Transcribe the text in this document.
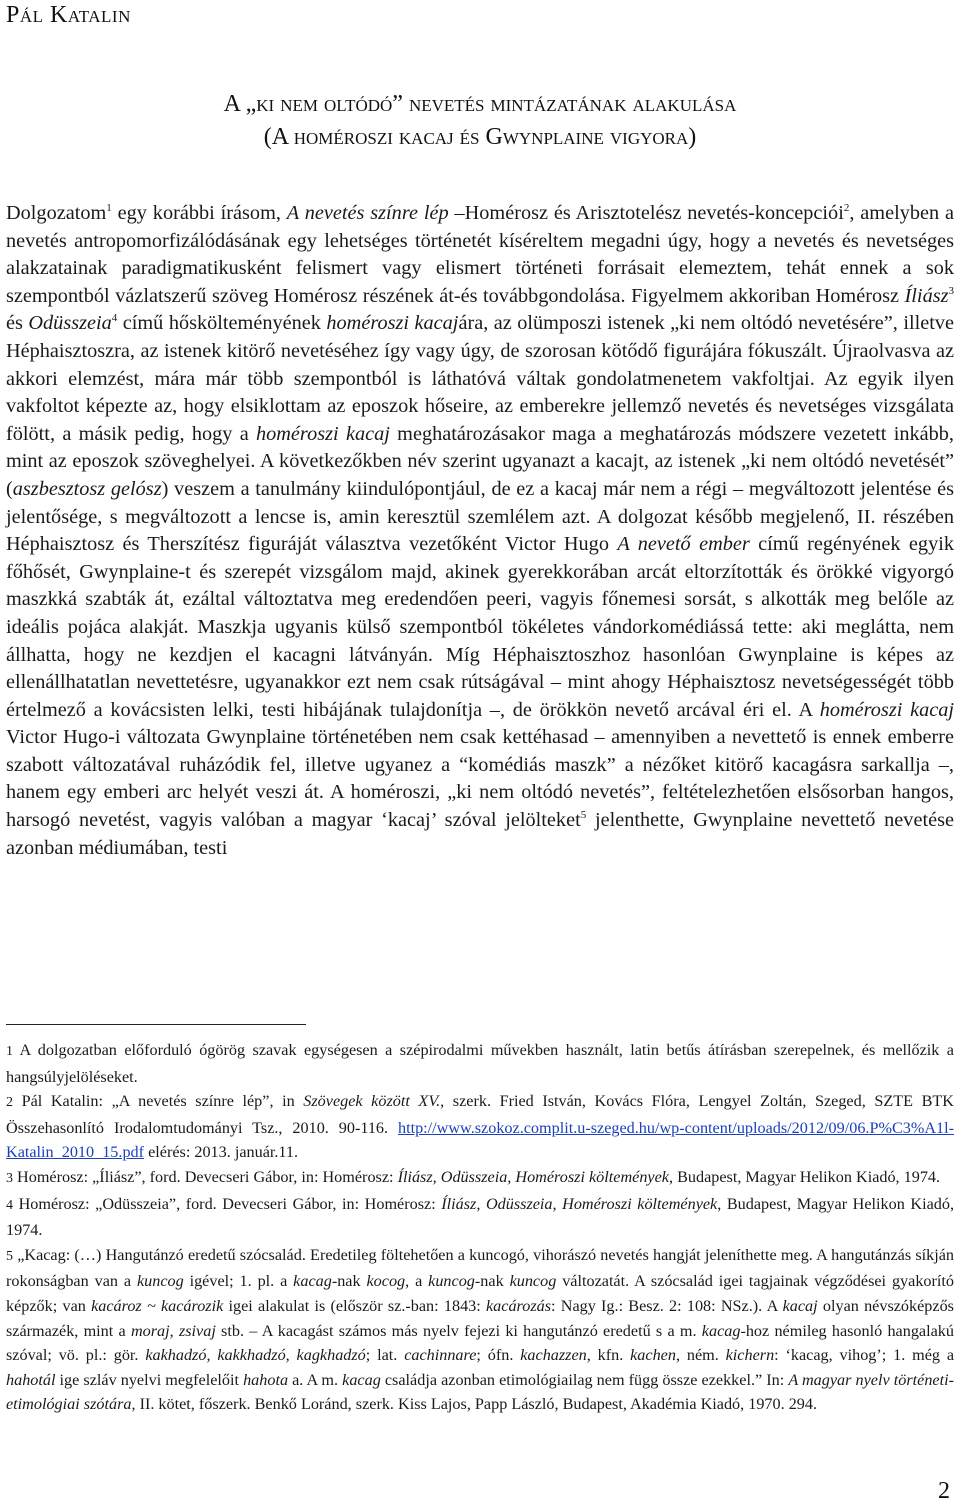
Pál Katalin
A „ki nem oltódó” nevetés mintázatának alakulása
(A homéroszi kacaj és Gwynplaine vigyora)

Dolgozatom$^1$ egy korábbi írásom, A nevetés színre lép –Homérosz és Arisztotelész nevetés-koncepciói$^2$, amelyben a nevetés antropomorfizálódásának egy lehetséges történetét kíséreltem megadni úgy, hogy a nevetés és nevetséges alakzatainak paradigmatikusként felismert vagy elismert történeti forrásait elemeztem, tehát ennek a sok szempontból vázlatszerű szöveg Homérosz részének át-és továbbgondolása. Figyelmem akkoriban Homérosz Íliász$^3$ és Odüsszeia$^4$ című hőskölteményének homéroszi kacajára, az olümposzi istenek „ki nem oltódó nevetésére”, illetve Héphaisztoszra, az istenek kitörő nevetéséhez így vagy úgy, de szorosan kötődő figurájára fókuszált. Újraolvasva az akkori elemzést, mára már több szempontból is láthatóvá váltak gondolatmenetem vakfoltjai. Az egyik ilyen vakfoltot képezte az, hogy elsiklottam az eposzok hőseire, az emberekre jellemző nevetés és nevetséges vizsgálata fölött, a másik pedig, hogy a homéroszi kacaj meghatározásakor maga a meghatározás módszere vezetett inkább, mint az eposzok szöveghelyei. A következőkben név szerint ugyanazt a kacajt, az istenek „ki nem oltódó nevetését” (aszbesztosz gelósz) veszem a tanulmány kiindulópontjául, de ez a kacaj már nem a régi – megváltozott jelentése és jelentősége, s megváltozott a lencse is, amin keresztül szemlélem azt. A dolgozat később megjelenő, II. részében Héphaisztosz és Therszítész figuráját választva vezetőként Victor Hugo A nevető ember című regényének egyik főhősét, Gwynplaine-t és szerepét vizsgálom majd, akinek gyerekkorában arcát eltorzították és örökké vigyorgó maszkká szabták át, ezáltal változtatva meg eredendően peeri, vagyis főnemesi sorsát, s alkották meg belőle az ideális pojáca alakját. Maszkja ugyanis külső szempontból tökéletes vándorkomédiássá tette: aki meglátta, nem állhatta, hogy ne kezdjen el kacagni látványán. Míg Héphaisztoszhoz hasonlóan Gwynplaine is képes az ellenállhatatlan nevettetésre, ugyanakkor ezt nem csak rútságával – mint ahogy Héphaisztosz nevetségességét több értelmező a kovácsisten lelki, testi hibájának tulajdonítja –, de örökkön nevető arcával éri el. A homéroszi kacaj Victor Hugo-i változata Gwynplaine történetében nem csak kettéhasad – amennyiben a nevettető is ennek emberre szabott változatával ruházódik fel, illetve ugyanez a “komédiás maszk” a nézőket kitörő kacagásra sarkallja –, hanem egy emberi arc helyét veszi át. A homéroszi, „ki nem oltódó nevetés”, feltételezhetően elsősorban hangos, harsogó nevetést, vagyis valóban a magyar ‘kacaj’ szóval jelölteket$^5$ jelenthette, Gwynplaine nevettető nevetése azonban médiumában, testi

1 A dolgozatban előforduló ógörög szavak egységesen a szépirodalmi művekben használt, latin betűs átírásban szerepelnek, és mellőzik a hangsúlyjelöléseket.

2 Pál Katalin: „A nevetés színre lép”, in Szövegek között XV., szerk. Fried István, Kovács Flóra, Lengyel Zoltán, Szeged, SZTE BTK Összehasonlító Irodalomtudományi Tsz., 2010. 90-116. http://www.szokoz.complit.u-szeged.hu/wp-content/uploads/2012/09/06.P%C3%A1l-Katalin_2010_15.pdf elérés: 2013. január.11.

3 Homérosz: „Íliász”, ford. Devecseri Gábor, in: Homérosz: Íliász, Odüsszeia, Homéroszi költemények, Budapest, Magyar Helikon Kiadó, 1974.

4 Homérosz: „Odüsszeia”, ford. Devecseri Gábor, in: Homérosz: Íliász, Odüsszeia, Homéroszi költemények, Budapest, Magyar Helikon Kiadó, 1974.

5 „Kacag: (…) Hangutánzó eredetű szócsalád. Eredetileg föltehetően a kuncogó, vihorászó nevetés hangját jeleníthette meg. A hangutánzás síkján rokonságban van a kuncog igével; 1. pl. a kacag-nak kocog, a kuncog-nak kuncog változatát. A szócsalád igei tagjainak végződései gyakorító képzők; van kacároz ~ kacározik igei alakulat is (először sz.-ban: 1843: kacározás: Nagy Ig.: Besz. 2: 108: NSz.). A kacaj olyan névszóképzős származék, mint a moraj, zsivaj stb. – A kacagást számos más nyelv fejezi ki hangutánzó eredetű s a m. kacag-hoz némileg hasonló hangalakú szóval; vö. pl.: gör. kakhadzó, kakkhadzó, kagkhadzó; lat. cachinnare; ófn. kachazzen, kfn. kachen, ném. kichern: ‘kacag, vihog’; 1. még a hahotál ige szláv nyelvi megfelelőit hahota a. A m. kacag családja azonban etimológiailag nem függ össze ezekkel.” In: A magyar nyelv történeti-etimológiai szótára, II. kötet, főszerk. Benkő Loránd, szerk. Kiss Lajos, Papp László, Budapest, Akadémia Kiadó, 1970. 294.

2
